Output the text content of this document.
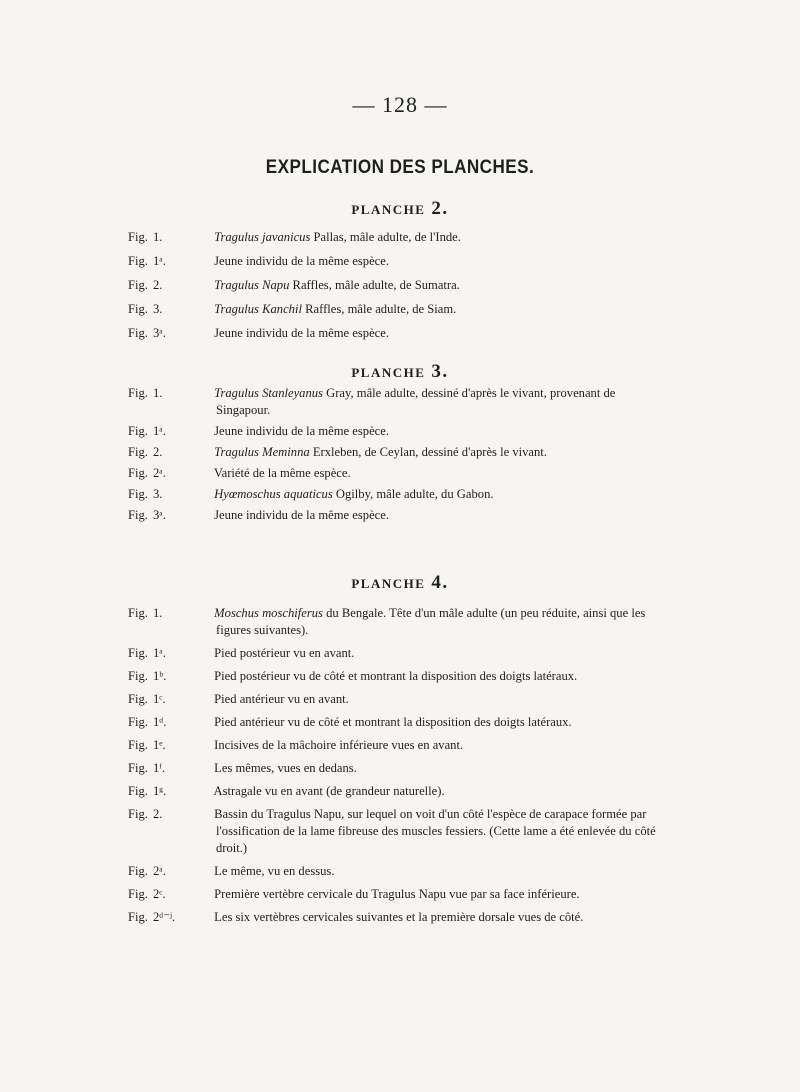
— 128 —
EXPLICATION DES PLANCHES.
PLANCHE 2.

Fig. 1.	Tragulus javanicus Pallas, mâle adulte, de l'Inde.

Fig. 1ᵃ.	Jeune individu de la même espèce.

Fig. 2.	Tragulus Napu Raffles, mâle adulte, de Sumatra.

Fig. 3.	Tragulus Kanchil Raffles, mâle adulte, de Siam.

Fig. 3ᵃ.	Jeune individu de la même espèce.

PLANCHE 3.

Fig. 1.	Tragulus Stanleyanus Gray, mâle adulte, dessiné d'après le vivant, provenant de Singapour.

Fig. 1ᵃ.	Jeune individu de la même espèce.

Fig. 2.	Tragulus Meminna Erxleben, de Ceylan, dessiné d'après le vivant.

Fig. 2ᵃ.	Variété de la même espèce.

Fig. 3.	Hyœmoschus aquaticus Ogilby, mâle adulte, du Gabon.

Fig. 3ᵃ.	Jeune individu de la même espèce.

PLANCHE 4.

Fig. 1.	Moschus moschiferus du Bengale. Tête d'un mâle adulte (un peu réduite, ainsi que les figures suivantes).

Fig. 1ᵃ.	Pied postérieur vu en avant.

Fig. 1ᵇ.	Pied postérieur vu de côté et montrant la disposition des doigts latéraux.

Fig. 1ᶜ.	Pied antérieur vu en avant.

Fig. 1ᵈ.	Pied antérieur vu de côté et montrant la disposition des doigts latéraux.

Fig. 1ᵉ.	Incisives de la mâchoire inférieure vues en avant.

Fig. 1ᶠ.	Les mêmes, vues en dedans.

Fig. 1ᵍ.	Astragale vu en avant (de grandeur naturelle).

Fig. 2.	Bassin du Tragulus Napu, sur lequel on voit d'un côté l'espèce de carapace formée par l'ossification de la lame fibreuse des muscles fessiers. (Cette lame a été enlevée du côté droit.)

Fig. 2ᵃ.	Le même, vu en dessus.

Fig. 2ᶜ.	Première vertèbre cervicale du Tragulus Napu vue par sa face inférieure.

Fig. 2ᵈ⁻ʲ.	Les six vertèbres cervicales suivantes et la première dorsale vues de côté.
